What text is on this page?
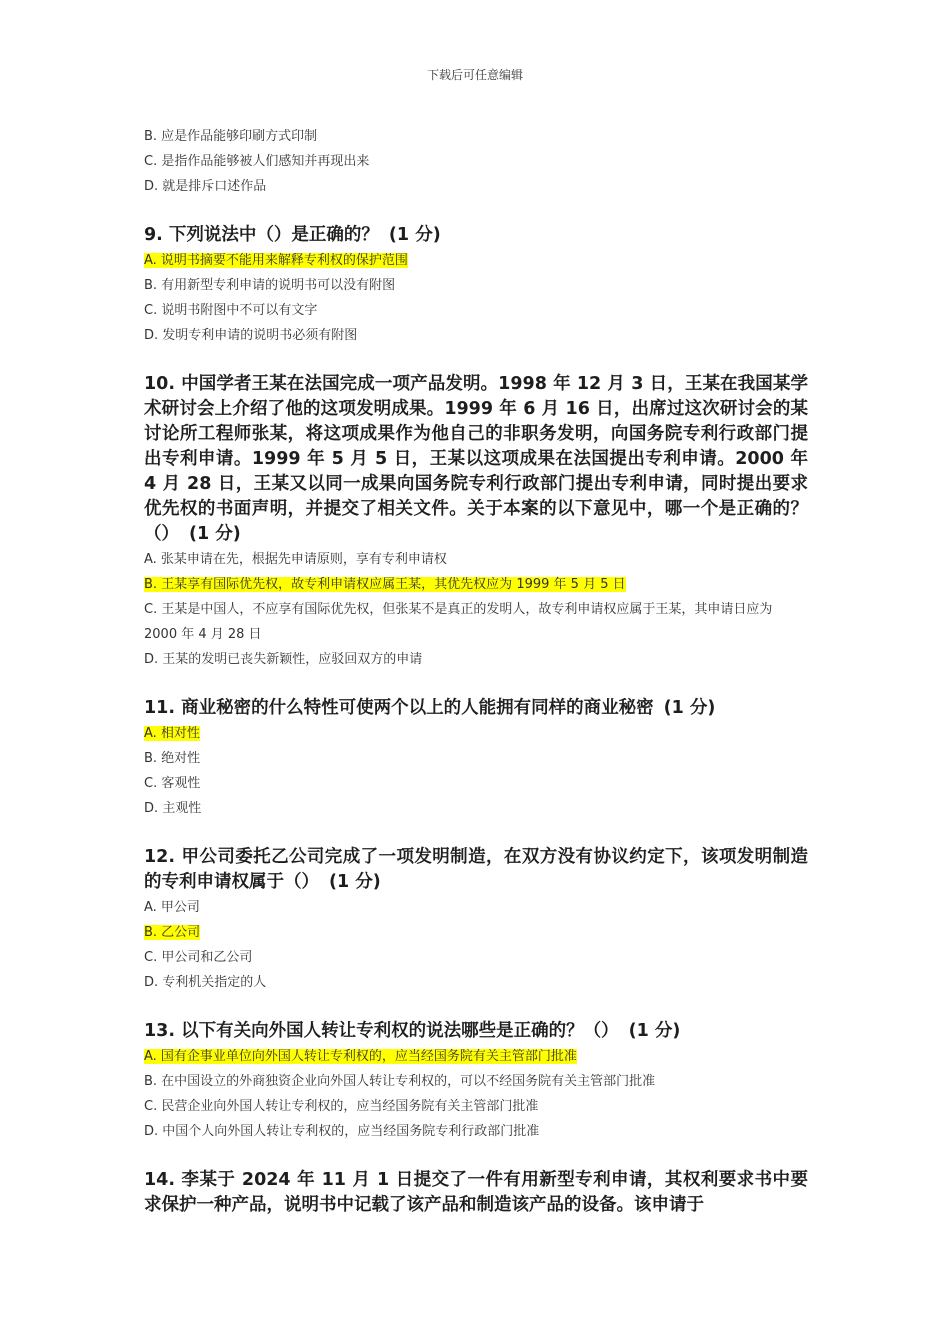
下载后可任意编辑
B. 应是作品能够印刷方式印制
C. 是指作品能够被人们感知并再现出来
D. 就是排斥口述作品

9. 下列说法中（）是正确的？ (1 分)

A. 说明书摘要不能用来解释专利权的保护范围
B. 有用新型专利申请的说明书可以没有附图
C. 说明书附图中不可以有文字
D. 发明专利申请的说明书必须有附图

10. 中国学者王某在法国完成一项产品发明。1998 年 12 月 3 日，王某在我国某学术研讨会上介绍了他的这项发明成果。1999 年 6 月 16 日，出席过这次研讨会的某讨论所工程师张某，将这项成果作为他自己的非职务发明，向国务院专利行政部门提出专利申请。1999 年 5 月 5 日，王某以这项成果在法国提出专利申请。2000 年 4 月 28 日，王某又以同一成果向国务院专利行政部门提出专利申请，同时提出要求优先权的书面声明，并提交了相关文件。关于本案的以下意见中，哪一个是正确的？（） (1 分)

A. 张某申请在先，根据先申请原则，享有专利申请权
B. 王某享有国际优先权，故专利申请权应属王某，其优先权应为 1999 年 5 月 5 日
C. 王某是中国人，不应享有国际优先权，但张某不是真正的发明人，故专利申请权应属于王某，其申请日应为 2000 年 4 月 28 日
D. 王某的发明已丧失新颖性，应驳回双方的申请

11. 商业秘密的什么特性可使两个以上的人能拥有同样的商业秘密 (1 分)

A. 相对性
B. 绝对性
C. 客观性
D. 主观性

12. 甲公司委托乙公司完成了一项发明制造，在双方没有协议约定下，该项发明制造的专利申请权属于（） (1 分)

A. 甲公司
B. 乙公司
C. 甲公司和乙公司
D. 专利机关指定的人

13. 以下有关向外国人转让专利权的说法哪些是正确的？（） (1 分)

A. 国有企事业单位向外国人转让专利权的，应当经国务院有关主管部门批准
B. 在中国设立的外商独资企业向外国人转让专利权的，可以不经国务院有关主管部门批准
C. 民营企业向外国人转让专利权的，应当经国务院有关主管部门批准
D. 中国个人向外国人转让专利权的，应当经国务院专利行政部门批准

14. 李某于 2024 年 11 月 1 日提交了一件有用新型专利申请，其权利要求书中要求保护一种产品，说明书中记载了该产品和制造该产品的设备。该申请于
